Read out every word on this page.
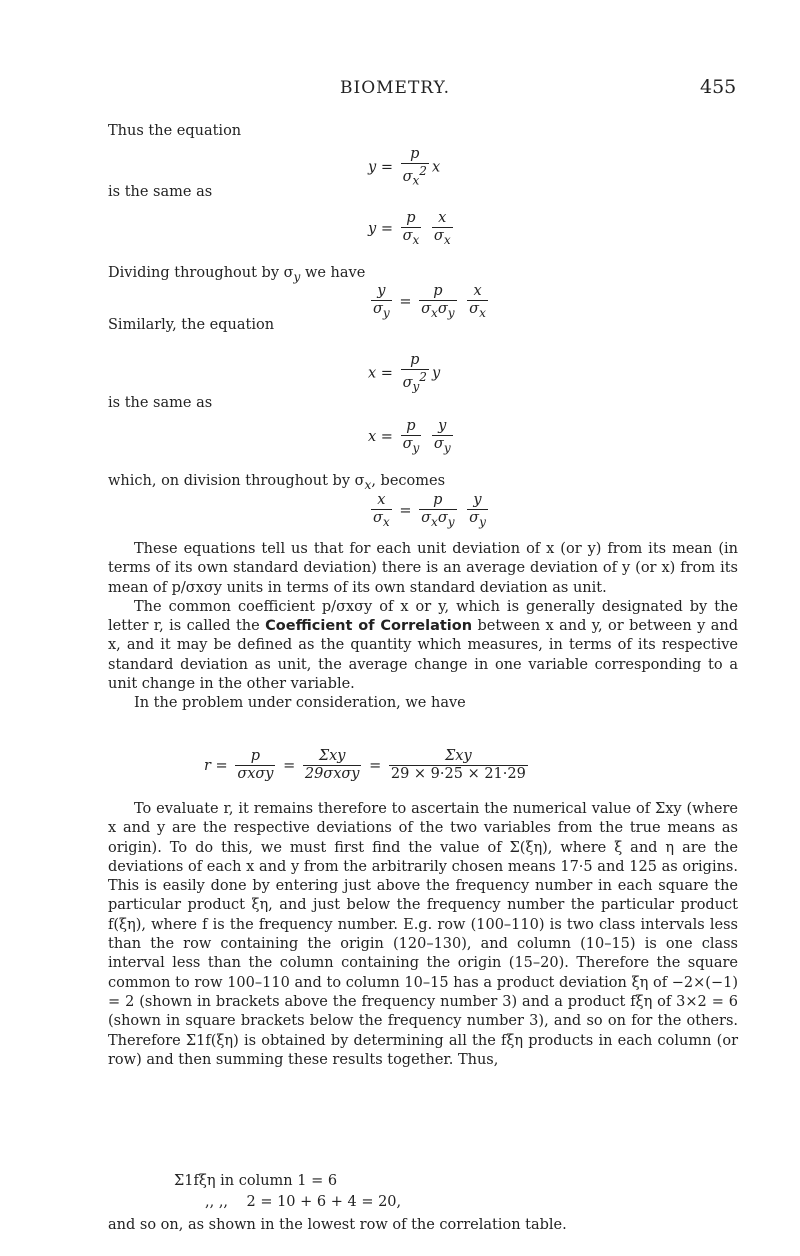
BIOMETRY.	455
Thus the equation
$y = \frac{p}{\sigma_x^2}$ x
is the same as
$y = \frac{p}{\sigma_x}$
$\frac{x}{\sigma_x}$
Dividing throughout by $\sigma_y$ we have
$\frac{y}{\sigma_y} = \frac{p}{\sigma_x\sigma_y}$
$\frac{x}{\sigma_x}$
Similarly, the equation
$x = \frac{p}{\sigma_y^2}$ y
is the same as
$x = \frac{p}{\sigma_y}$
$\frac{y}{\sigma_y}$
which, on division throughout by $\sigma_x$, becomes
$\frac{x}{\sigma_x} = \frac{p}{\sigma_x\sigma_y}$
$\frac{y}{\sigma_y}$

These equations tell us that for each unit deviation of x (or y) from its mean (in terms of its own standard deviation) there is an average deviation of y (or x) from its mean of p/σxσy units in terms of its own standard deviation as unit.

The common coefficient p/σxσy of x or y, which is generally designated by the letter r, is called the Coefficient of Correlation between x and y, or between y and x, and it may be defined as the quantity which measures, in terms of its respective standard deviation as unit, the average change in one variable corresponding to a unit change in the other variable.

In the problem under consideration, we have

$r = \frac{p}{\text{σxσy}} = \frac{\text{Σxy}}{\text{29σxσy}} = \frac{\text{Σxy}}{29 \times 9\cdot 25 \times 21\cdot 29}$

To evaluate r, it remains therefore to ascertain the numerical value of Σxy (where x and y are the respective deviations of the two variables from the true means as origin). To do this, we must first find the value of Σ(ξη), where ξ and η are the deviations of each x and y from the arbitrarily chosen means 17·5 and 125 as origins. This is easily done by entering just above the frequency number in each square the particular product ξη, and just below the frequency number the particular product f(ξη), where f is the frequency number. E.g. row (100–110) is two class intervals less than the row containing the origin (120–130), and column (10–15) is one class interval less than the column containing the origin (15–20). Therefore the square common to row 100–110 and to column 10–15 has a product deviation ξη of −2×(−1) = 2 (shown in brackets above the frequency number 3) and a product fξη of 3×2 = 6 (shown in square brackets below the frequency number 3), and so on for the others. Therefore Σ1f(ξη) is obtained by determining all the fξη products in each column (or row) and then summing these results together. Thus,

Σ1fξη in column 1 = 6
,, ,, 2 = 10 + 6 + 4 = 20,
and so on, as shown in the lowest row of the correlation table.
